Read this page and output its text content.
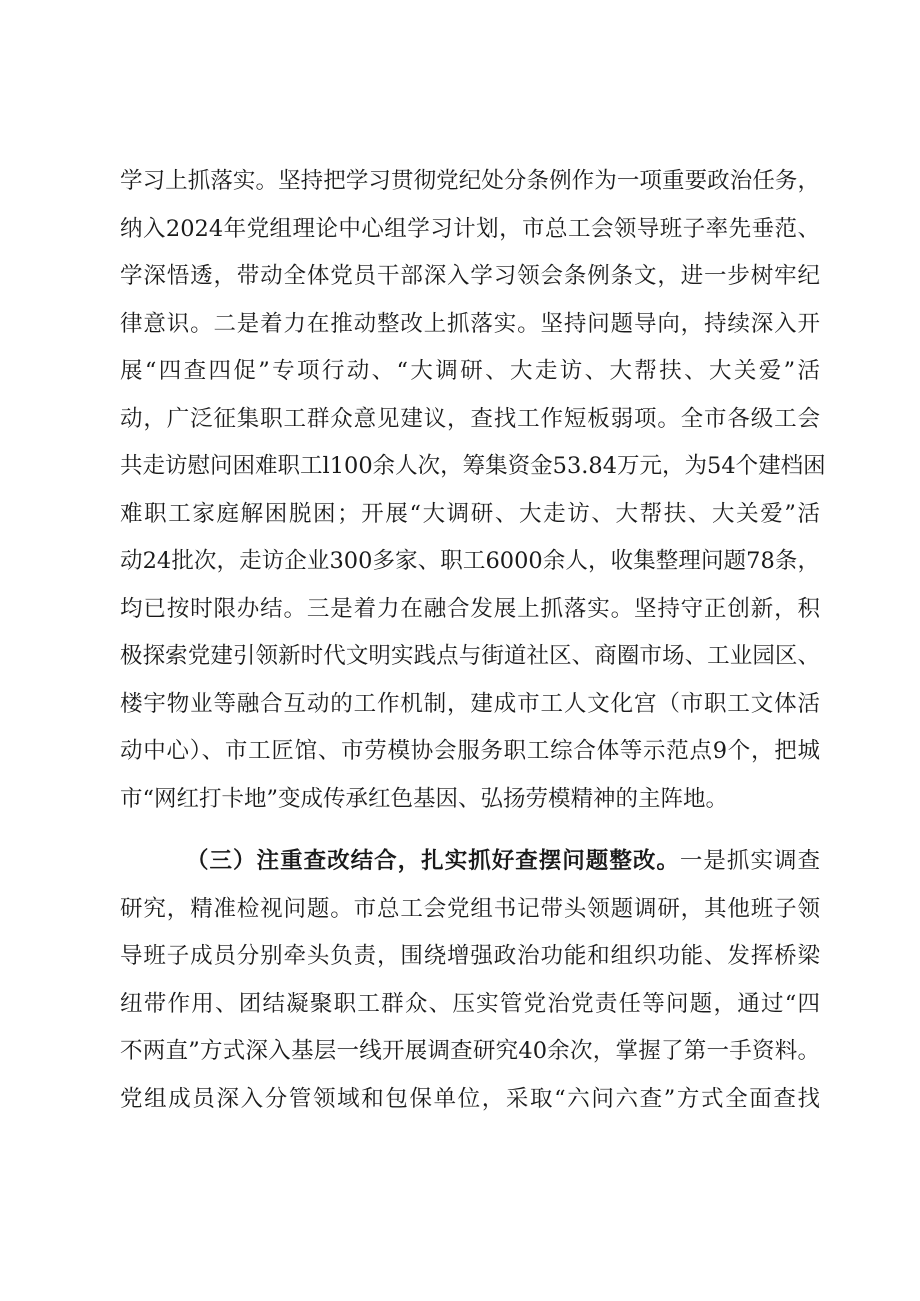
学习上抓落实。坚持把学习贯彻党纪处分条例作为一项重要政治任务，
纳入2024年党组理论中心组学习计划，市总工会领导班子率先垂范、
学深悟透，带动全体党员干部深入学习领会条例条文，进一步树牢纪
律意识。二是着力在推动整改上抓落实。坚持问题导向，持续深入开
展“四查四促”专项行动、“大调研、大走访、大帮扶、大关爱”活
动，广泛征集职工群众意见建议，查找工作短板弱项。全市各级工会
共走访慰问困难职工l100余人次，筹集资金53.84万元，为54个建档困
难职工家庭解困脱困；开展“大调研、大走访、大帮扶、大关爱”活
动24批次，走访企业300多家、职工6000余人，收集整理问题78条，
均已按时限办结。三是着力在融合发展上抓落实。坚持守正创新，积
极探索党建引领新时代文明实践点与街道社区、商圈市场、工业园区、
楼宇物业等融合互动的工作机制，建成市工人文化宫（市职工文体活
动中心）、市工匠馆、市劳模协会服务职工综合体等示范点9个，把城
市“网红打卡地”变成传承红色基因、弘扬劳模精神的主阵地。
（三）注重查改结合，扎实抓好查摆问题整改。一是抓实调查
研究，精准检视问题。市总工会党组书记带头领题调研，其他班子领
导班子成员分别牵头负责，围绕增强政治功能和组织功能、发挥桥梁
纽带作用、团结凝聚职工群众、压实管党治党责任等问题，通过“四
不两直”方式深入基层一线开展调查研究40余次，掌握了第一手资料。
党组成员深入分管领域和包保单位，采取“六问六查”方式全面查找
